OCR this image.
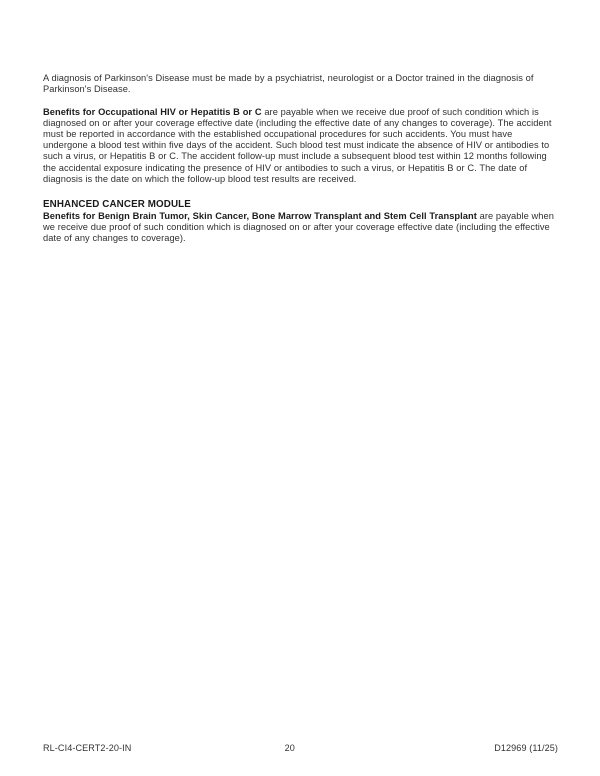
A diagnosis of Parkinson's Disease must be made by a psychiatrist, neurologist or a Doctor trained in the diagnosis of Parkinson's Disease.

Benefits for Occupational HIV or Hepatitis B or C are payable when we receive due proof of such condition which is diagnosed on or after your coverage effective date (including the effective date of any changes to coverage). The accident must be reported in accordance with the established occupational procedures for such accidents. You must have undergone a blood test within five days of the accident. Such blood test must indicate the absence of HIV or antibodies to such a virus, or Hepatitis B or C. The accident follow-up must include a subsequent blood test within 12 months following the accidental exposure indicating the presence of HIV or antibodies to such a virus, or Hepatitis B or C. The date of diagnosis is the date on which the follow-up blood test results are received.

ENHANCED CANCER MODULE

Benefits for Benign Brain Tumor, Skin Cancer, Bone Marrow Transplant and Stem Cell Transplant are payable when we receive due proof of such condition which is diagnosed on or after your coverage effective date (including the effective date of any changes to coverage).

RL-CI4-CERT2-20-IN	20	D12969 (11/25)
